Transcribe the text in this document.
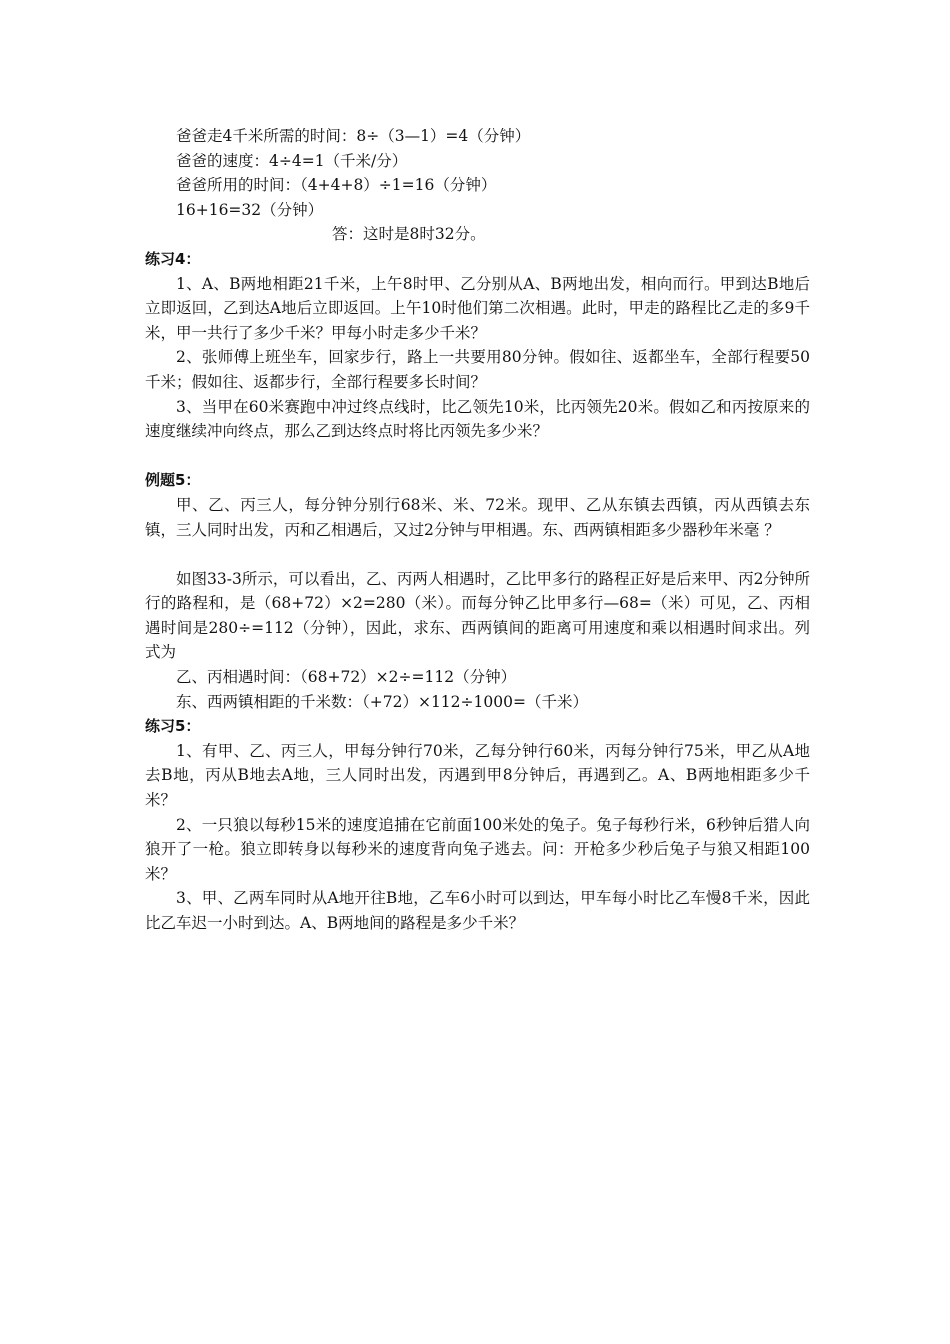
爸爸走4千米所需的时间：8÷（3—1）=4（分钟）

爸爸的速度：4÷4=1（千米/分）

爸爸所用的时间：（4+4+8）÷1=16（分钟）

16+16=32（分钟）

答：这时是8时32分。

练习4：

1、A、B两地相距21千米，上午8时甲、乙分别从A、B两地出发，相向而行。甲到达B地后立即返回，乙到达A地后立即返回。上午10时他们第二次相遇。此时，甲走的路程比乙走的多9千米，甲一共行了多少千米？甲每小时走多少千米？

2、张师傅上班坐车，回家步行，路上一共要用80分钟。假如往、返都坐车，全部行程要50千米；假如往、返都步行，全部行程要多长时间？

3、当甲在60米赛跑中冲过终点线时，比乙领先10米，比丙领先20米。假如乙和丙按原来的速度继续冲向终点，那么乙到达终点时将比丙领先多少米？

例题5：

甲、乙、丙三人，每分钟分别行68米、米、72米。现甲、乙从东镇去西镇，丙从西镇去东镇，三人同时出发，丙和乙相遇后，又过2分钟与甲相遇。东、西两镇相距多少器秒年米毫 ？

如图33-3所示，可以看出，乙、丙两人相遇时，乙比甲多行的路程正好是后来甲、丙2分钟所行的路程和，是（68+72）×2=280（米）。而每分钟乙比甲多行—68=（米）可见，乙、丙相遇时间是280÷=112（分钟），因此，求东、西两镇间的距离可用速度和乘以相遇时间求出。列式为

乙、丙相遇时间：（68+72）×2÷=112（分钟）

东、西两镇相距的千米数：（+72）×112÷1000=（千米）

练习5：

1、有甲、乙、丙三人，甲每分钟行70米，乙每分钟行60米，丙每分钟行75米，甲乙从A地去B地，丙从B地去A地，三人同时出发，丙遇到甲8分钟后，再遇到乙。A、B两地相距多少千米？

2、一只狼以每秒15米的速度追捕在它前面100米处的兔子。兔子每秒行米，6秒钟后猎人向狼开了一枪。狼立即转身以每秒米的速度背向兔子逃去。问：开枪多少秒后兔子与狼又相距100米？

3、甲、乙两车同时从A地开往B地，乙车6小时可以到达，甲车每小时比乙车慢8千米，因此比乙车迟一小时到达。A、B两地间的路程是多少千米？
